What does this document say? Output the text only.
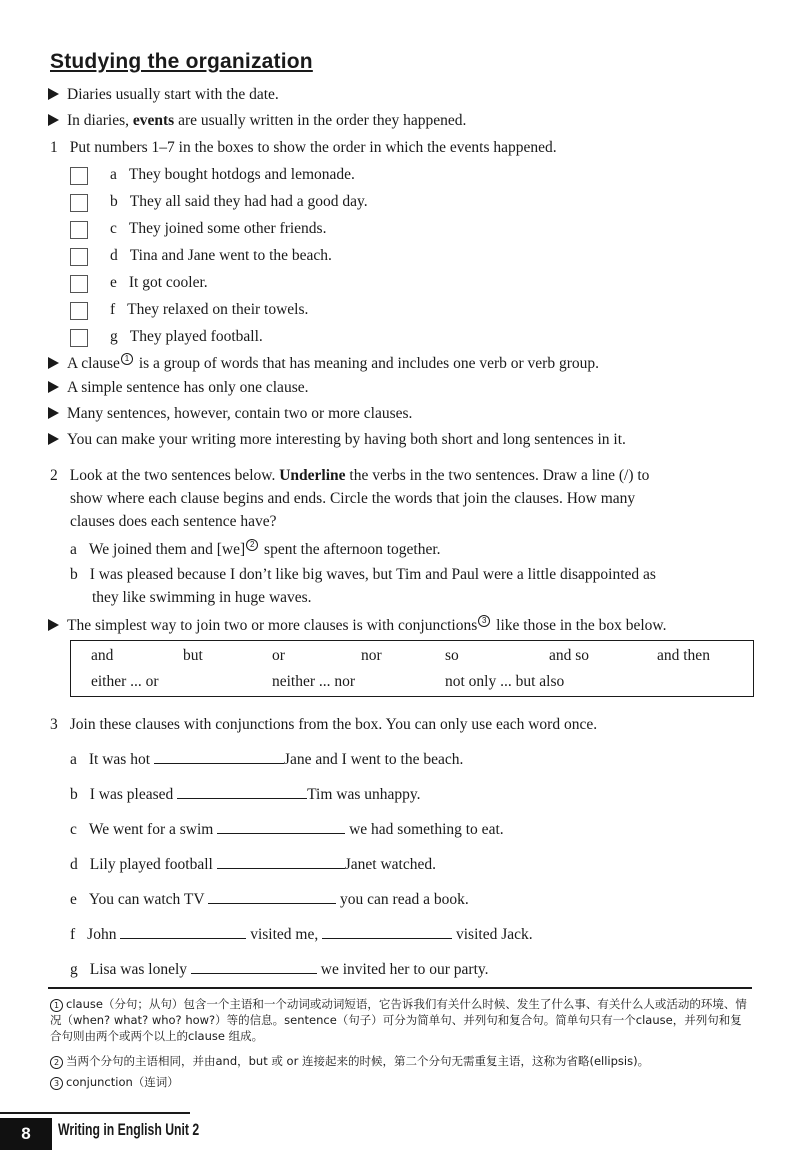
Studying the organization
Diaries usually start with the date.
In diaries, events are usually written in the order they happened.
1 Put numbers 1–7 in the boxes to show the order in which the events happened.
a They bought hotdogs and lemonade.
b They all said they had had a good day.
c They joined some other friends.
d Tina and Jane went to the beach.
e It got cooler.
f They relaxed on their towels.
g They played football.
A clause 1 is a group of words that has meaning and includes one verb or verb group.
A simple sentence has only one clause.
Many sentences, however, contain two or more clauses.
You can make your writing more interesting by having both short and long sentences in it.
2 Look at the two sentences below. Underline the verbs in the two sentences. Draw a line (/) to
show where each clause begins and ends. Circle the words that join the clauses. How many
clauses does each sentence have?
a We joined them and [we] 2 spent the afternoon together.
b I was pleased because I don’t like big waves, but Tim and Paul were a little disappointed as
they like swimming in huge waves.
The simplest way to join two or more clauses is with conjunctions 3 like those in the box below.
and	but	or	nor	so	and so	and then
either ... or	neither ... nor	not only ... but also
3 Join these clauses with conjunctions from the box. You can only use each word once.
a It was hot	Jane and I went to the beach.
b I was pleased	Tim was unhappy.
c We went for a swim	we had something to eat.
d Lily played football	Janet watched.
e You can watch TV	you can read a book.
f John	visited me,	visited Jack.
g Lisa was lonely	we invited her to our party.
1 clause（分句；从句）包含一个主语和一个动词或动词短语，它告诉我们有关什么时候、发生了什么事、有关什么人或活动的环境、情况（when? what? who? how?）等的信息。sentence（句子）可分为简单句、并列句和复合句。简单句只有一个clause，并列句和复合句则由两个或两个以上的clause 组成。
2 当两个分句的主语相同，并由and，but 或 or 连接起来的时候，第二个分句无需重复主语，这称为省略(ellipsis)。
3 conjunction（连词）
8	Writing in English Unit 2
